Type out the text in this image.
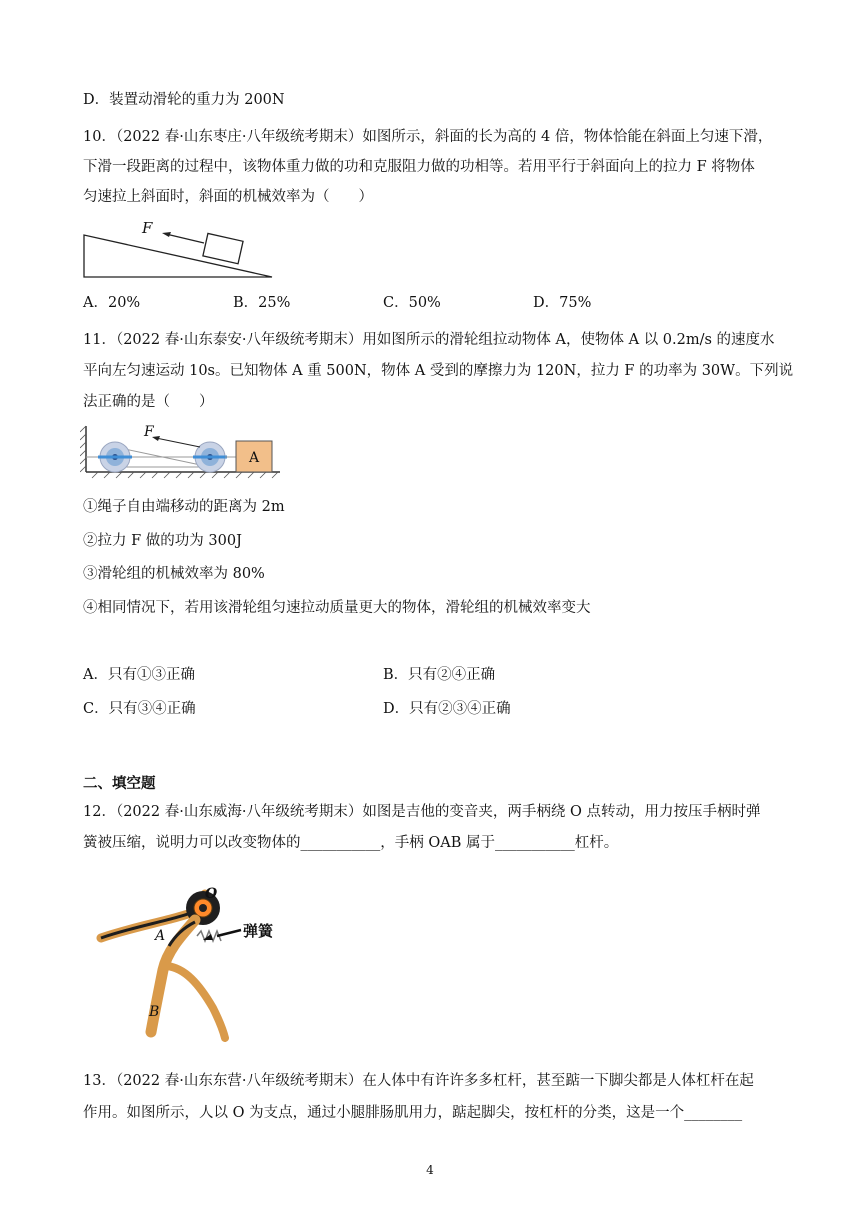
D．装置动滑轮的重力为 200N
10．（2022 春·山东枣庄·八年级统考期末）如图所示，斜面的长为高的 4 倍，物体恰能在斜面上匀速下滑，
下滑一段距离的过程中，该物体重力做的功和克服阻力做的功相等。若用平行于斜面向上的拉力 F 将物体
匀速拉上斜面时，斜面的机械效率为（　　）
F
A．20%	B．25%	C．50%	D．75%
11．（2022 春·山东泰安·八年级统考期末）用如图所示的滑轮组拉动物体 A，使物体 A 以 0.2m/s 的速度水
平向左匀速运动 10s。已知物体 A 重 500N，物体 A 受到的摩擦力为 120N，拉力 F 的功率为 30W。下列说
法正确的是（　　）
F
A
①绳子自由端移动的距离为 2m
②拉力 F 做的功为 300J
③滑轮组的机械效率为 80%
④相同情况下，若用该滑轮组匀速拉动质量更大的物体，滑轮组的机械效率变大
A．只有①③正确	B．只有②④正确
C．只有③④正确	D．只有②③④正确
二、填空题
12．（2022 春·山东威海·八年级统考期末）如图是吉他的变音夹，两手柄绕 O 点转动，用力按压手柄时弹
簧被压缩，说明力可以改变物体的___________，手柄 OAB 属于___________杠杆。
O
A
B
弹簧
13．（2022 春·山东东营·八年级统考期末）在人体中有许许多多杠杆，甚至踮一下脚尖都是人体杠杆在起
作用。如图所示，人以 O 为支点，通过小腿腓肠肌用力，踮起脚尖，按杠杆的分类，这是一个________
4
